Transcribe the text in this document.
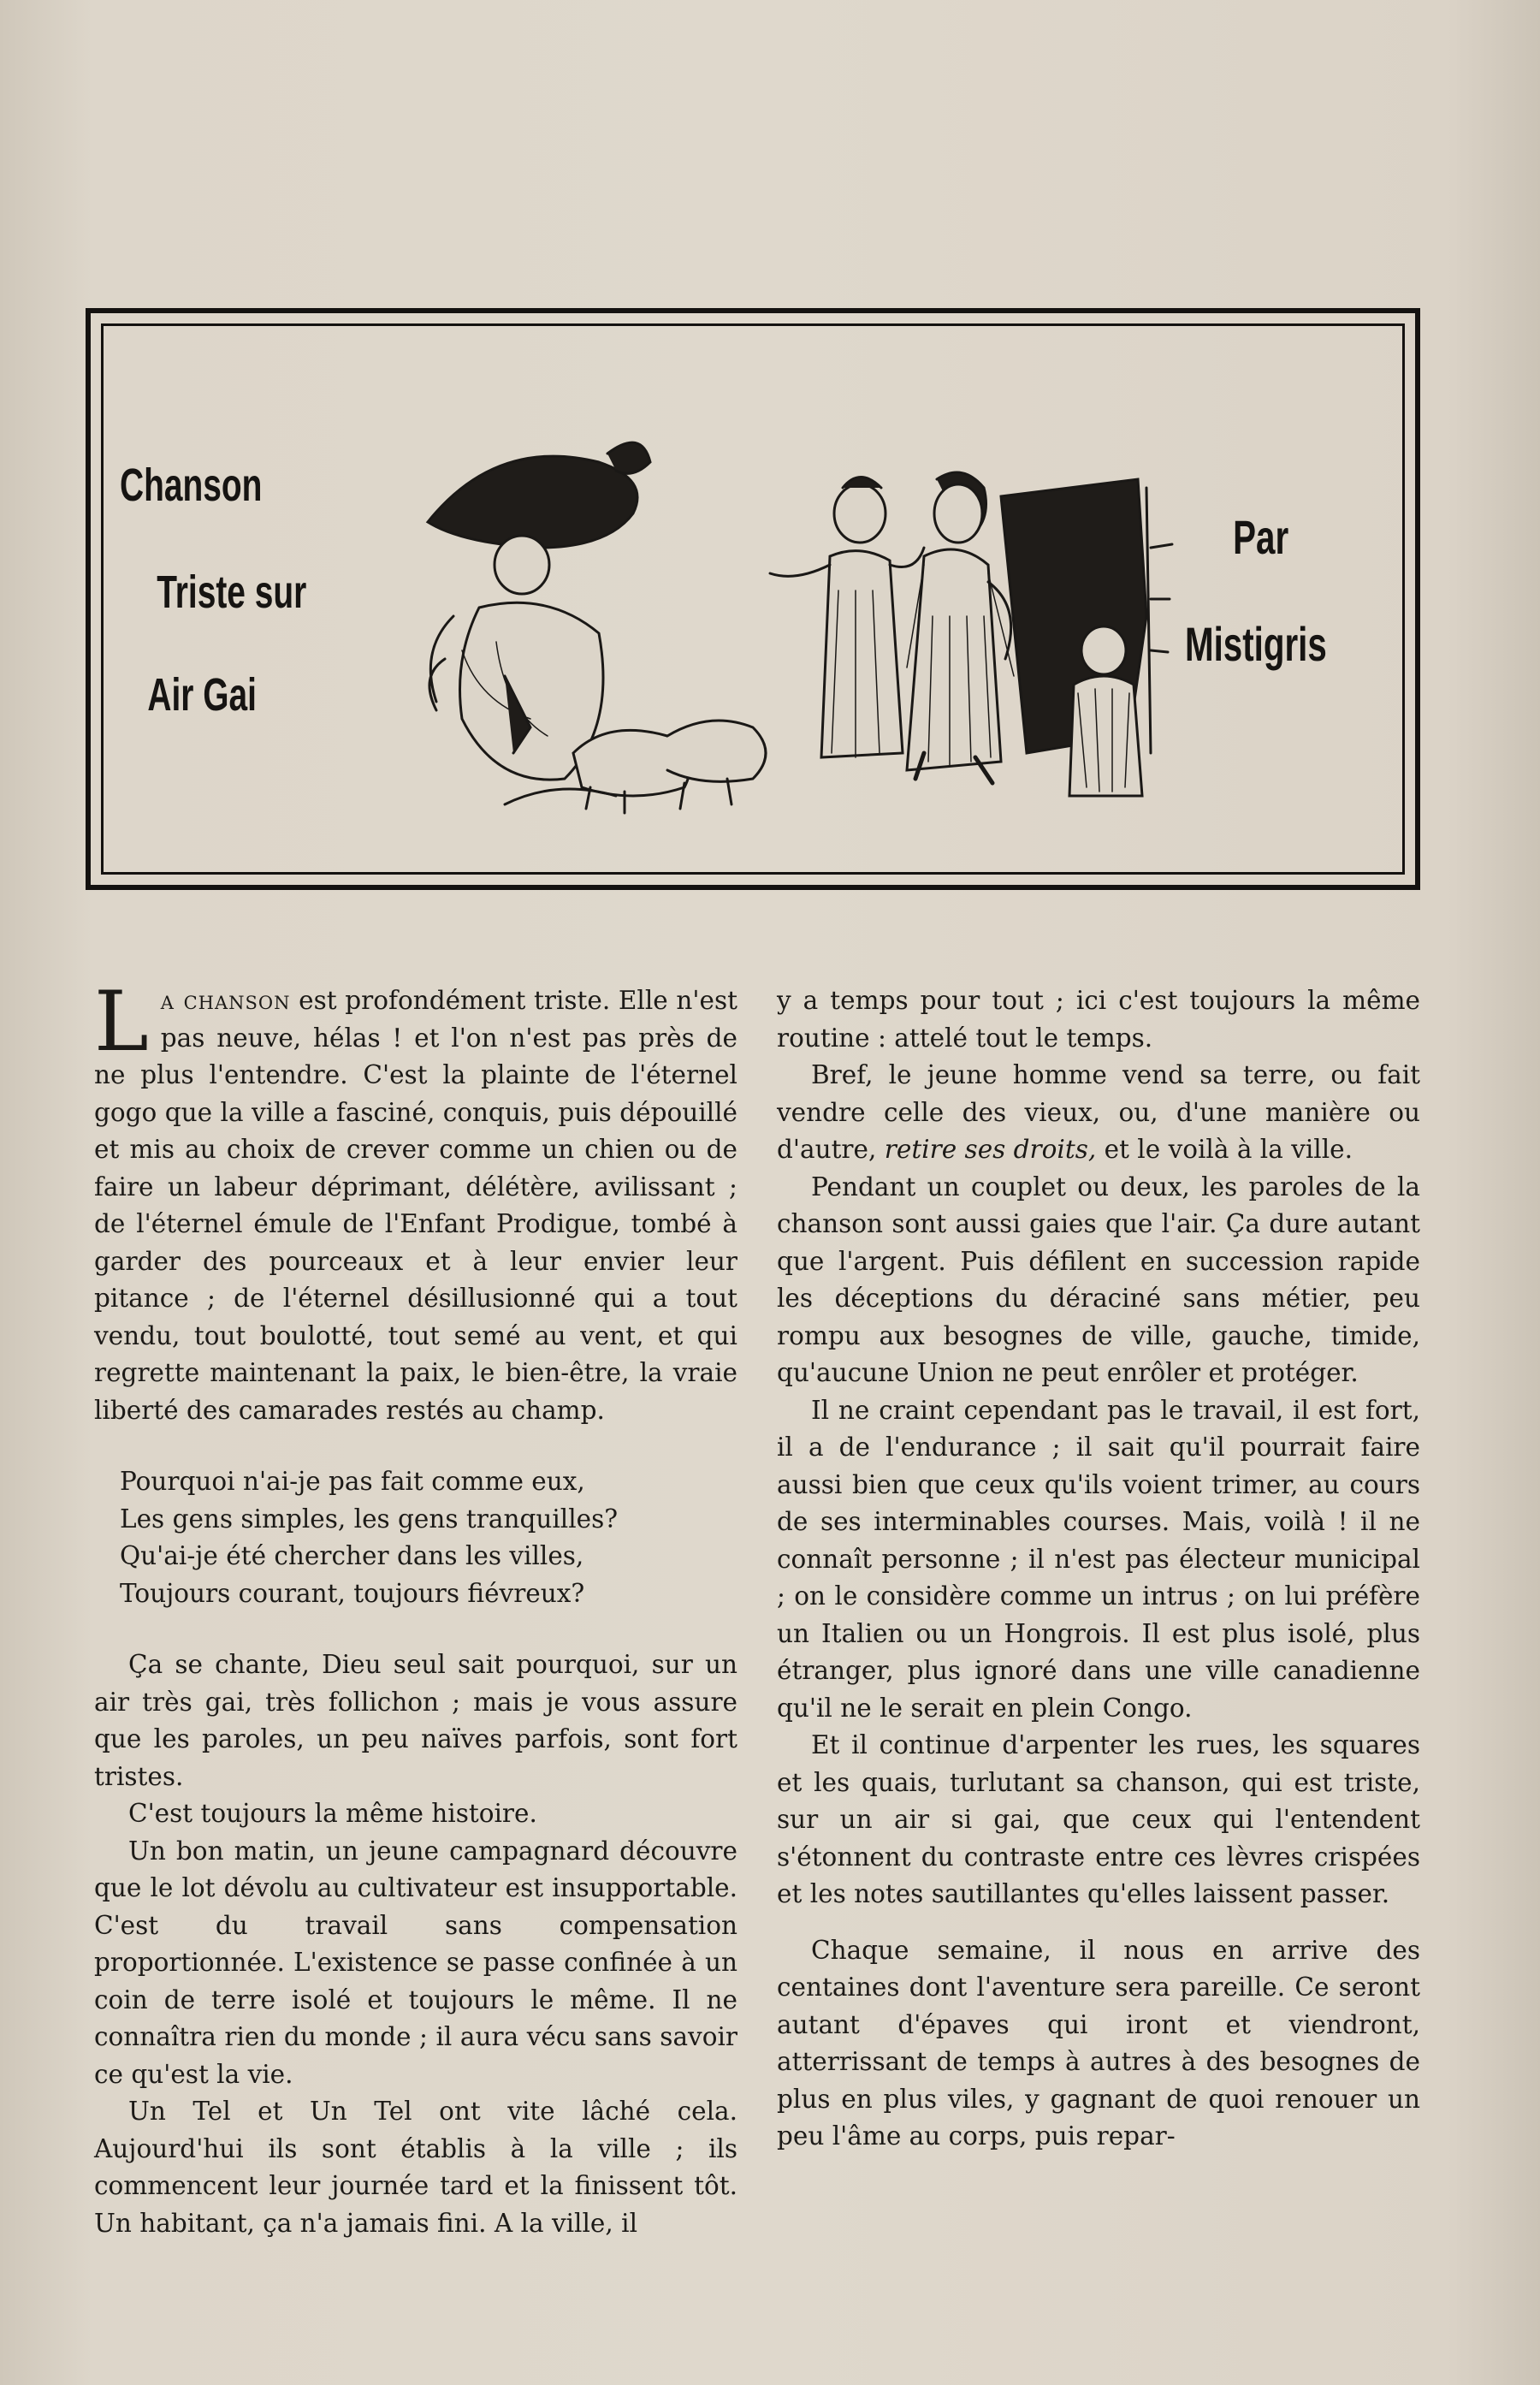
Chanson
Triste sur
Air Gai
Par
Mistigris

La chanson est profondément triste. Elle n'est pas neuve, hélas ! et l'on n'est pas près de ne plus l'entendre. C'est la plainte de l'éternel gogo que la ville a fasciné, conquis, puis dépouillé et mis au choix de crever comme un chien ou de faire un labeur déprimant, délétère, avilissant ; de l'éternel émule de l'Enfant Prodigue, tombé à garder des pourceaux et à leur envier leur pitance ; de l'éternel désillusionné qui a tout vendu, tout boulotté, tout semé au vent, et qui regrette maintenant la paix, le bien-être, la vraie liberté des camarades restés au champ.

Pourquoi n'ai-je pas fait comme eux,
Les gens simples, les gens tranquilles?
Qu'ai-je été chercher dans les villes,
Toujours courant, toujours fiévreux?

Ça se chante, Dieu seul sait pourquoi, sur un air très gai, très follichon ; mais je vous assure que les paroles, un peu naïves parfois, sont fort tristes.

C'est toujours la même histoire.

Un bon matin, un jeune campagnard découvre que le lot dévolu au cultivateur est insupportable. C'est du travail sans compensation proportionnée. L'existence se passe confinée à un coin de terre isolé et toujours le même. Il ne connaîtra rien du monde ; il aura vécu sans savoir ce qu'est la vie.

Un Tel et Un Tel ont vite lâché cela. Aujourd'hui ils sont établis à la ville ; ils commencent leur journée tard et la finissent tôt. Un habitant, ça n'a jamais fini. A la ville, il

y a temps pour tout ; ici c'est toujours la même routine : attelé tout le temps.

Bref, le jeune homme vend sa terre, ou fait vendre celle des vieux, ou, d'une manière ou d'autre, retire ses droits, et le voilà à la ville.

Pendant un couplet ou deux, les paroles de la chanson sont aussi gaies que l'air. Ça dure autant que l'argent. Puis défilent en succession rapide les déceptions du déraciné sans métier, peu rompu aux besognes de ville, gauche, timide, qu'aucune Union ne peut enrôler et protéger.

Il ne craint cependant pas le travail, il est fort, il a de l'endurance ; il sait qu'il pourrait faire aussi bien que ceux qu'ils voient trimer, au cours de ses interminables courses. Mais, voilà ! il ne connaît personne ; il n'est pas électeur municipal ; on le considère comme un intrus ; on lui préfère un Italien ou un Hongrois. Il est plus isolé, plus étranger, plus ignoré dans une ville canadienne qu'il ne le serait en plein Congo.

Et il continue d'arpenter les rues, les squares et les quais, turlutant sa chanson, qui est triste, sur un air si gai, que ceux qui l'entendent s'étonnent du contraste entre ces lèvres crispées et les notes sautillantes qu'elles laissent passer.

Chaque semaine, il nous en arrive des centaines dont l'aventure sera pareille. Ce seront autant d'épaves qui iront et viendront, atterrissant de temps à autres à des besognes de plus en plus viles, y gagnant de quoi renouer un peu l'âme au corps, puis repar-
